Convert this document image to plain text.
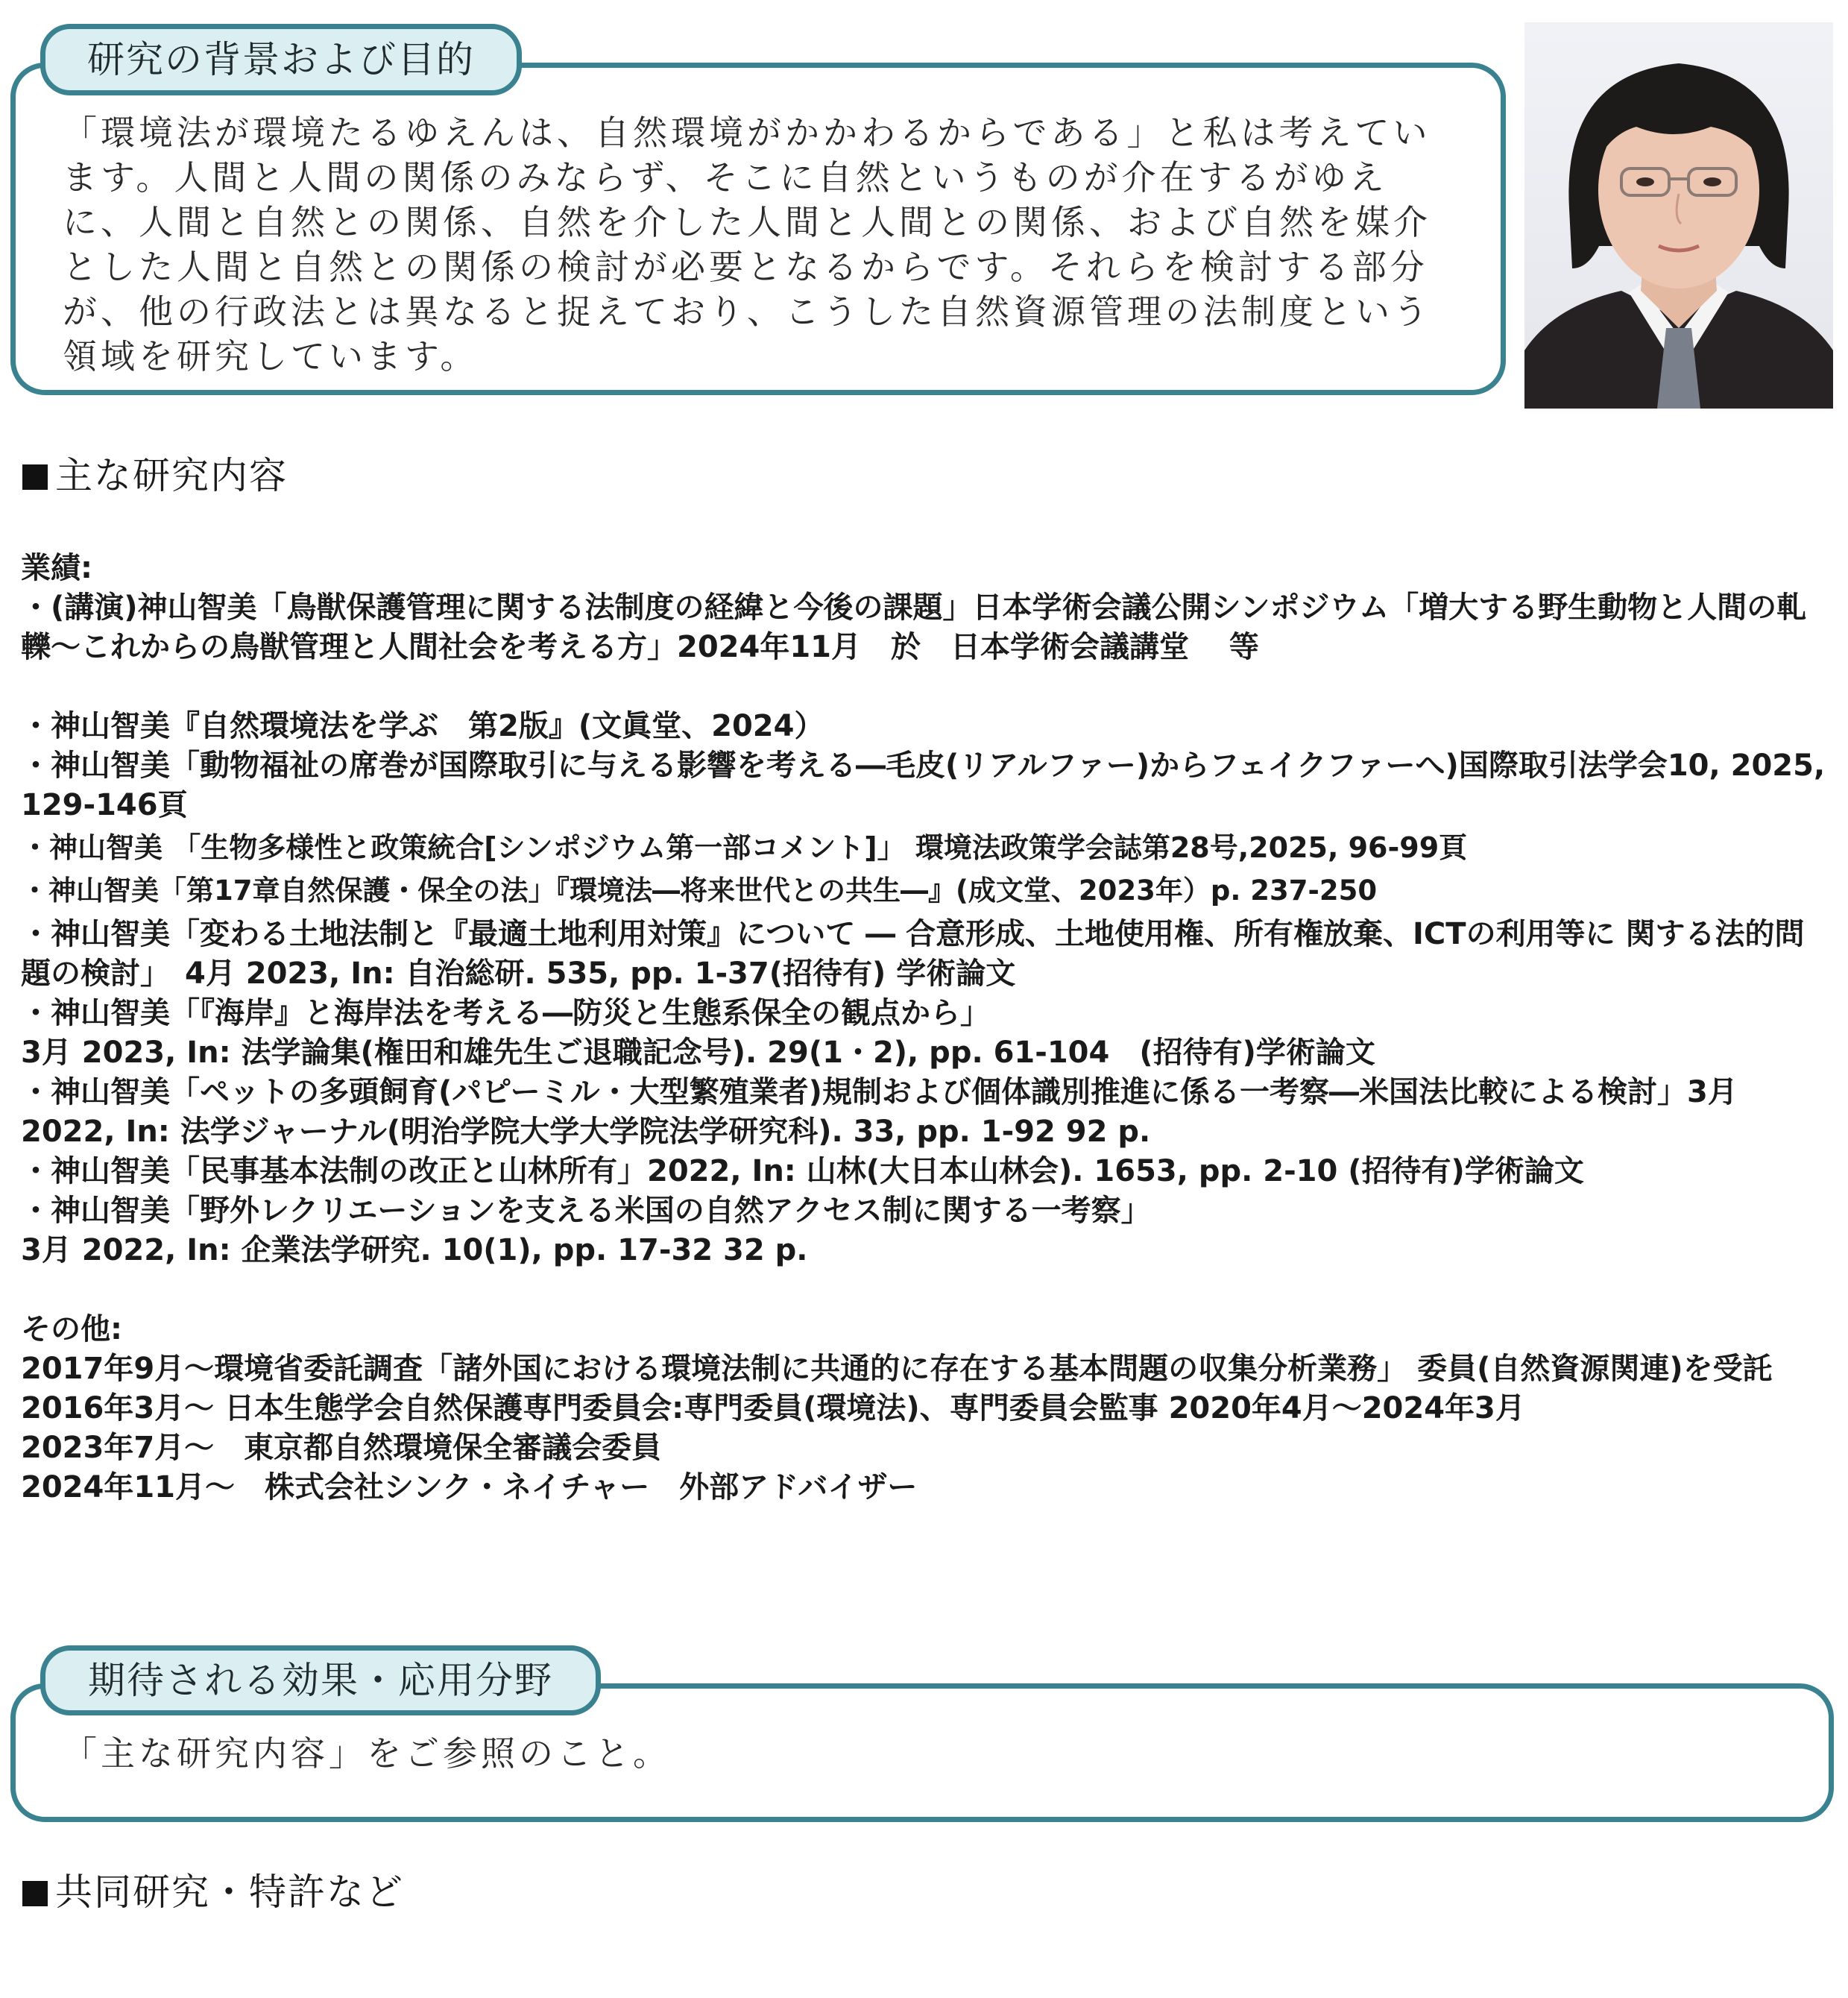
研究の背景および目的

「環境法が環境たるゆえんは、自然環境がかかわるからである」と私は考えています。人間と人間の関係のみならず、そこに自然というものが介在するがゆえに、人間と自然との関係、自然を介した人間と人間との関係、および自然を媒介とした人間と自然との関係の検討が必要となるからです。それらを検討する部分が、他の行政法とは異なると捉えており、こうした自然資源管理の法制度という領域を研究しています。

主な研究内容

業績:

・(講演)神山智美「鳥獣保護管理に関する法制度の経緯と今後の課題」日本学術会議公開シンポジウム「増大する野生動物と人間の軋轢～これからの鳥獣管理と人間社会を考える方」2024年11月　於　日本学術会議講堂　 等

・神山智美『自然環境法を学ぶ　第2版』(文眞堂、2024）

・神山智美「動物福祉の席巻が国際取引に与える影響を考える―毛皮(リアルファー)からフェイクファーへ)国際取引法学会10, 2025, 129-146頁

・神山智美 「生物多様性と政策統合[シンポジウム第一部コメント]」 環境法政策学会誌第28号,2025, 96-99頁

・神山智美「第17章自然保護・保全の法」『環境法―将来世代との共生―』(成文堂、2023年）p. 237-250

・神山智美「変わる土地法制と『最適土地利用対策』について ― 合意形成、土地使用権、所有権放棄、ICTの利用等に 関する法的問題の検討」　4月 2023, In: 自治総研. 535, pp. 1-37(招待有) 学術論文

・神山智美「『海岸』と海岸法を考える―防災と生態系保全の観点から」

3月 2023, In: 法学論集(権田和雄先生ご退職記念号). 29(1・2), pp. 61-104　(招待有)学術論文

・神山智美「ペットの多頭飼育(パピーミル・大型繁殖業者)規制および個体識別推進に係る一考察―米国法比較による検討」3月 2022, In: 法学ジャーナル(明治学院大学大学院法学研究科). 33, pp. 1-92 92 p.

・神山智美「民事基本法制の改正と山林所有」2022, In: 山林(大日本山林会). 1653, pp. 2-10 (招待有)学術論文

・神山智美「野外レクリエーションを支える米国の自然アクセス制に関する一考察」

3月 2022, In: 企業法学研究. 10(1), pp. 17-32 32 p.

その他:

2017年9月～環境省委託調査「諸外国における環境法制に共通的に存在する基本問題の収集分析業務」 委員(自然資源関連)を受託

2016年3月～ 日本生態学会自然保護専門委員会:専門委員(環境法)、専門委員会監事 2020年4月～2024年3月

2023年7月～　東京都自然環境保全審議会委員

2024年11月～　株式会社シンク・ネイチャー　外部アドバイザー

期待される効果・応用分野

「主な研究内容」をご参照のこと。

共同研究・特許など
